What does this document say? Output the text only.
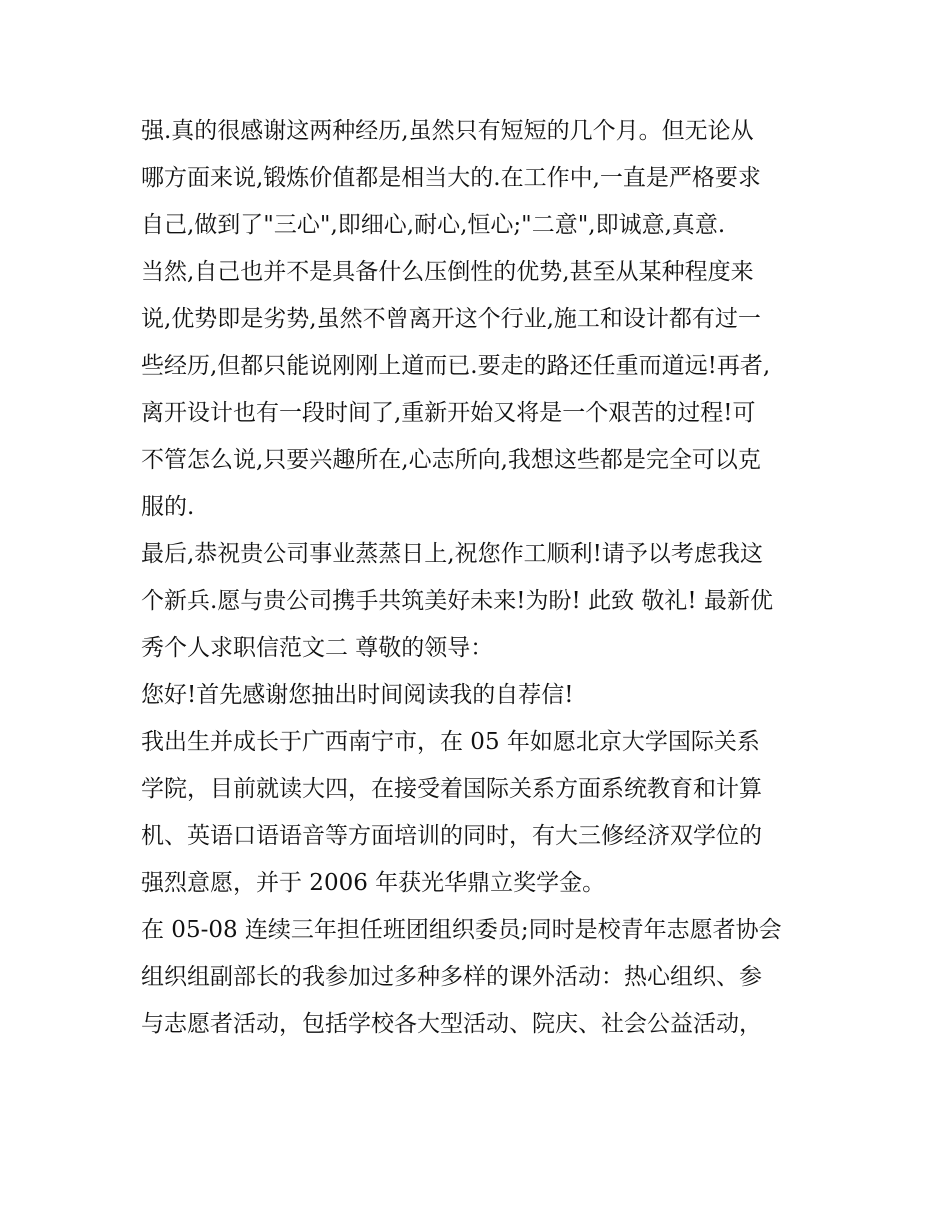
强.真的很感谢这两种经历,虽然只有短短的几个月。但无论从
哪方面来说,锻炼价值都是相当大的.在工作中,一直是严格要求
自己,做到了"三心",即细心,耐心,恒心;"二意",即诚意,真意.
当然,自己也并不是具备什么压倒性的优势,甚至从某种程度来
说,优势即是劣势,虽然不曾离开这个行业,施工和设计都有过一
些经历,但都只能说刚刚上道而已.要走的路还任重而道远!再者,
离开设计也有一段时间了,重新开始又将是一个艰苦的过程!可
不管怎么说,只要兴趣所在,心志所向,我想这些都是完全可以克
服的.
最后,恭祝贵公司事业蒸蒸日上,祝您作工顺利!请予以考虑我这
个新兵.愿与贵公司携手共筑美好未来!为盼! 此致 敬礼! 最新优
秀个人求职信范文二 尊敬的领导：
您好!首先感谢您抽出时间阅读我的自荐信!
我出生并成长于广西南宁市，在 05 年如愿北京大学国际关系
学院，目前就读大四，在接受着国际关系方面系统教育和计算
机、英语口语语音等方面培训的同时，有大三修经济双学位的
强烈意愿，并于 2006 年获光华鼎立奖学金。
在 05-08 连续三年担任班团组织委员;同时是校青年志愿者协会
组织组副部长的我参加过多种多样的课外活动：热心组织、参
与志愿者活动，包括学校各大型活动、院庆、社会公益活动，
